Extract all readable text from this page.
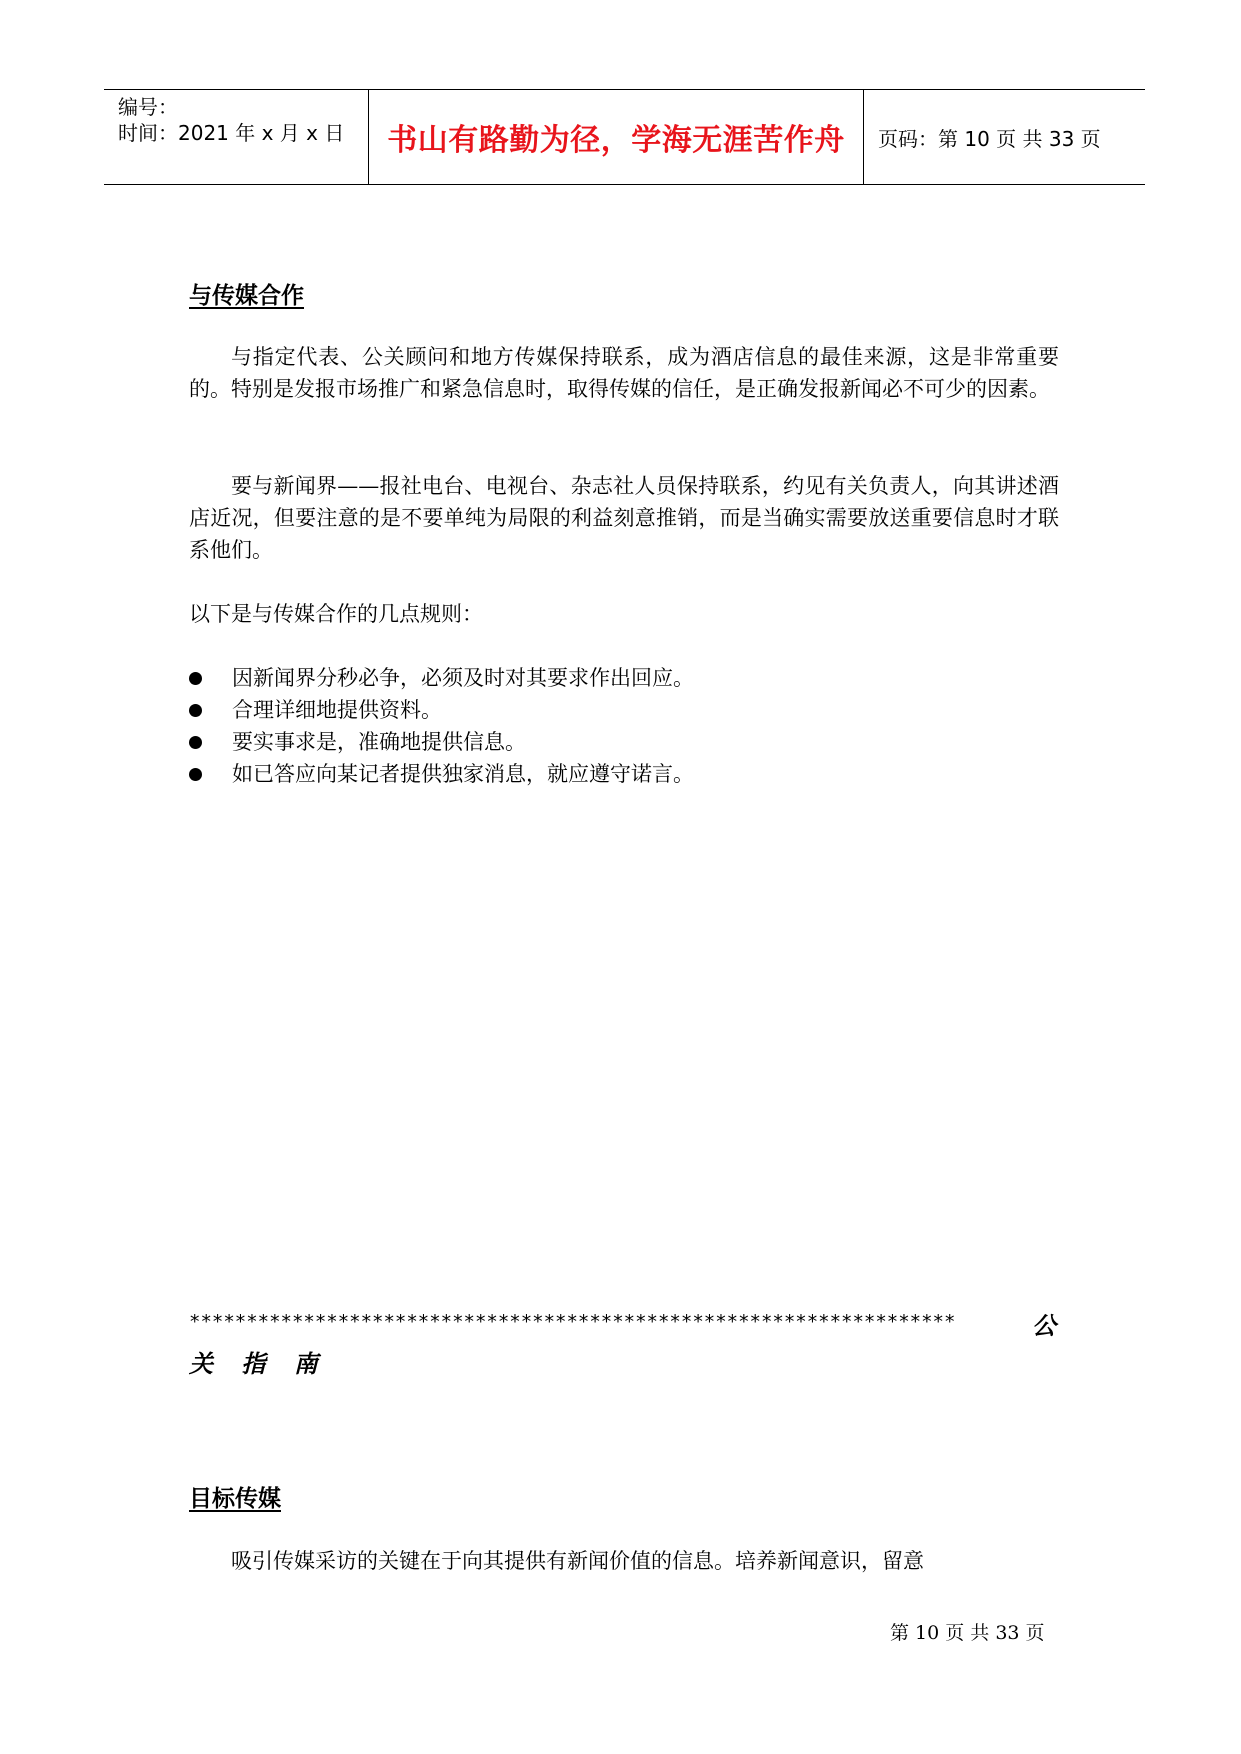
编号：
时间：2021 年 x 月 x 日	书山有路勤为径，学海无涯苦作舟	页码：第 10 页 共 33 页
与传媒合作

与指定代表、公关顾问和地方传媒保持联系，成为酒店信息的最佳来源，这是非常重要的。特别是发报市场推广和紧急信息时，取得传媒的信任，是正确发报新闻必不可少的因素。

要与新闻界——报社电台、电视台、杂志社人员保持联系，约见有关负责人，向其讲述酒店近况，但要注意的是不要单纯为局限的利益刻意推销，而是当确实需要放送重要信息时才联系他们。

以下是与传媒合作的几点规则：

因新闻界分秒必争，必须及时对其要求作出回应。
合理详细地提供资料。
要实事求是，准确地提供信息。
如已答应向某记者提供独家消息，就应遵守诺言。
*******************************************************************	公
关 指 南
目标传媒

吸引传媒采访的关键在于向其提供有新闻价值的信息。培养新闻意识，留意

第 10 页 共 33 页
